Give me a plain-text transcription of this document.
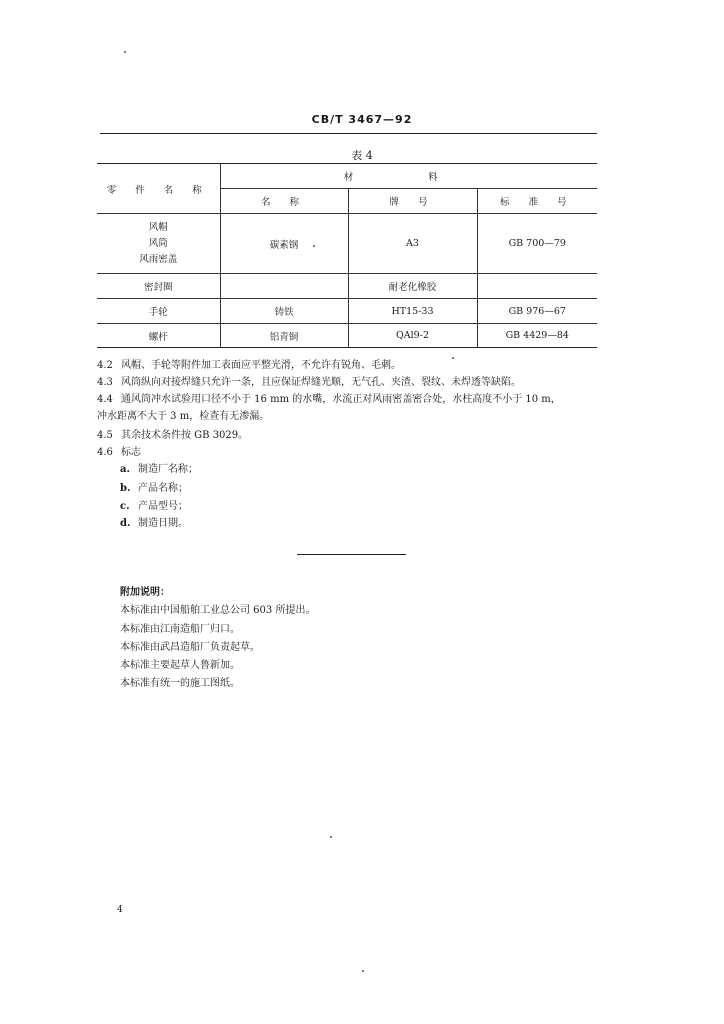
CB/T 3467—92
表 4
零 件 名 称	材 料		
	名 称	牌 号	标 准 号

风帽
风筒
风雨密盖	碳素钢	A3	GB 700—79
密封圈		耐老化橡胶	
手轮	铸铁	HT15-33	GB 976—67
螺杆	铝青铜	QAl9-2	GB 4429—84
4.2 风帽、手轮等附件加工表面应平整光滑，不允许有锐角、毛刺。
4.3 风筒纵向对接焊缝只允许一条，且应保证焊缝光顺，无气孔、夹渣、裂纹、未焊透等缺陷。
4.4 通风筒冲水试验用口径不小于 16 mm 的水嘴，水流正对风雨密盖密合处，水柱高度不小于 10 m，
冲水距离不大于 3 m，检查有无渗漏。
4.5 其余技术条件按 GB 3029。
4.6 标志
a. 制造厂名称；
b. 产品名称；
c. 产品型号；
d. 制造日期。
附加说明：
本标准由中国船舶工业总公司 603 所提出。
本标准由江南造船厂归口。
本标准由武昌造船厂负责起草。
本标准主要起草人鲁新加。
本标准有统一的施工图纸。
4
